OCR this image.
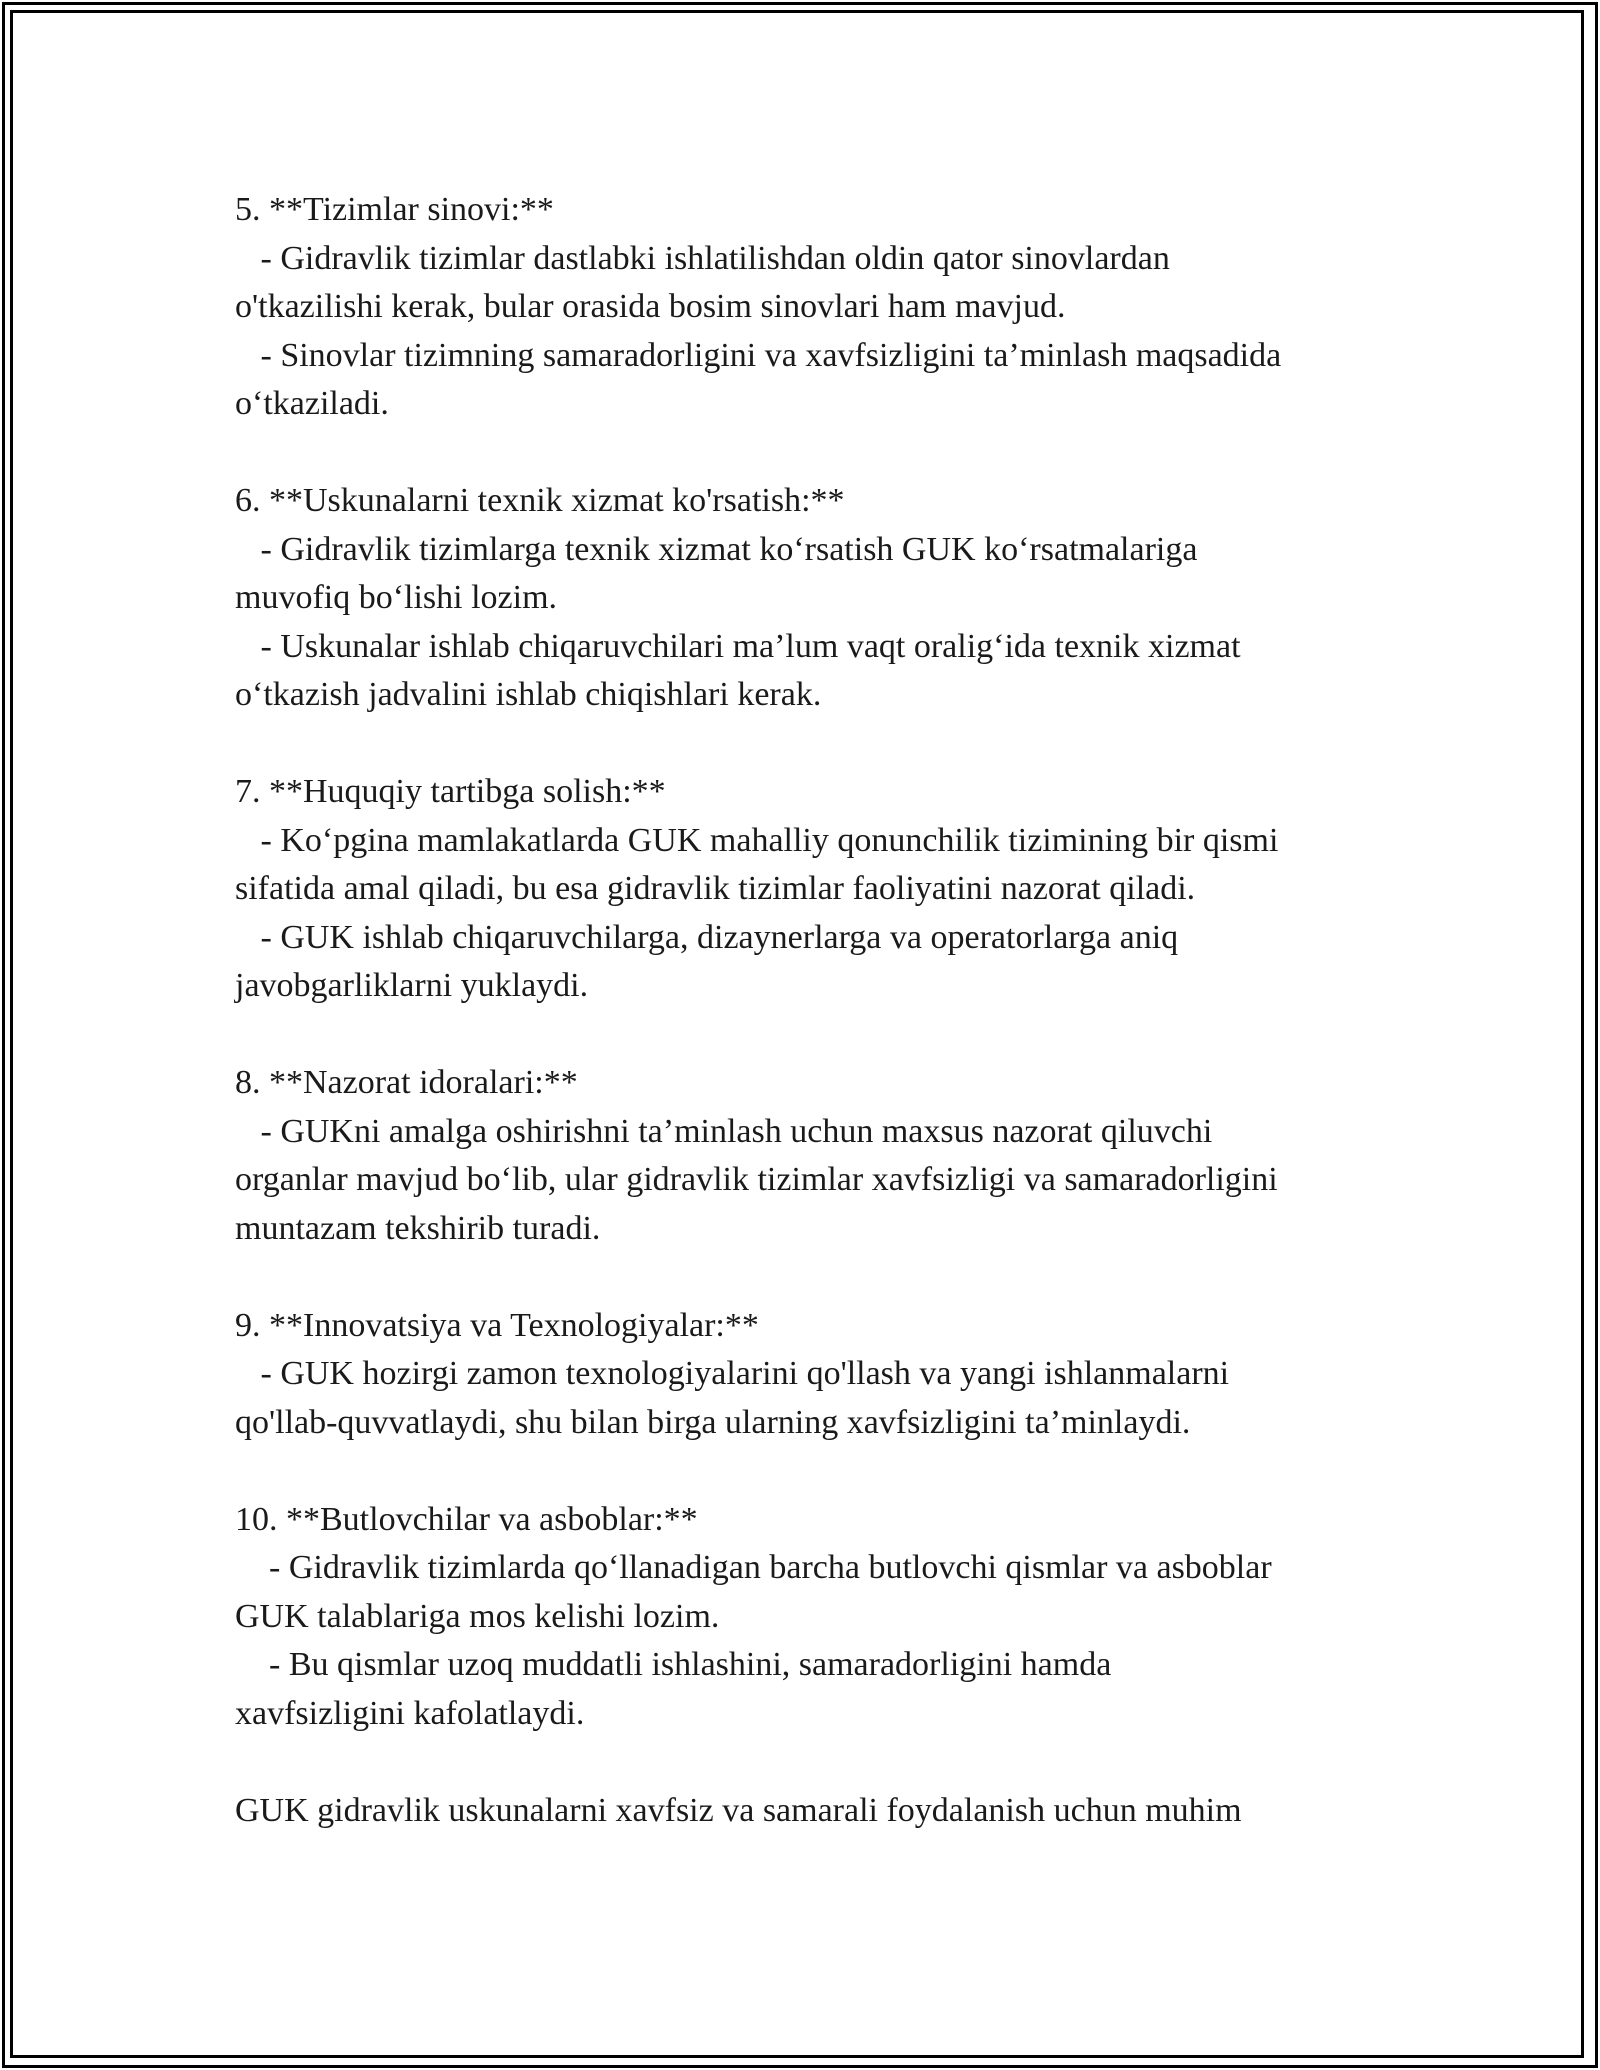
5. **Tizimlar sinovi:**
- Gidravlik tizimlar dastlabki ishlatilishdan oldin qator sinovlardan
o'tkazilishi kerak, bular orasida bosim sinovlari ham mavjud.
- Sinovlar tizimning samaradorligini va xavfsizligini ta’minlash maqsadida
o‘tkaziladi.
6. **Uskunalarni texnik xizmat ko'rsatish:**
- Gidravlik tizimlarga texnik xizmat ko‘rsatish GUK ko‘rsatmalariga
muvofiq bo‘lishi lozim.
- Uskunalar ishlab chiqaruvchilari ma’lum vaqt oralig‘ida texnik xizmat
o‘tkazish jadvalini ishlab chiqishlari kerak.
7. **Huquqiy tartibga solish:**
- Ko‘pgina mamlakatlarda GUK mahalliy qonunchilik tizimining bir qismi
sifatida amal qiladi, bu esa gidravlik tizimlar faoliyatini nazorat qiladi.
- GUK ishlab chiqaruvchilarga, dizaynerlarga va operatorlarga aniq
javobgarliklarni yuklaydi.
8. **Nazorat idoralari:**
- GUKni amalga oshirishni ta’minlash uchun maxsus nazorat qiluvchi
organlar mavjud bo‘lib, ular gidravlik tizimlar xavfsizligi va samaradorligini
muntazam tekshirib turadi.
9. **Innovatsiya va Texnologiyalar:**
- GUK hozirgi zamon texnologiyalarini qo'llash va yangi ishlanmalarni
qo'llab-quvvatlaydi, shu bilan birga ularning xavfsizligini ta’minlaydi.
10. **Butlovchilar va asboblar:**
- Gidravlik tizimlarda qo‘llanadigan barcha butlovchi qismlar va asboblar
GUK talablariga mos kelishi lozim.
- Bu qismlar uzoq muddatli ishlashini, samaradorligini hamda
xavfsizligini kafolatlaydi.
GUK gidravlik uskunalarni xavfsiz va samarali foydalanish uchun muhim
